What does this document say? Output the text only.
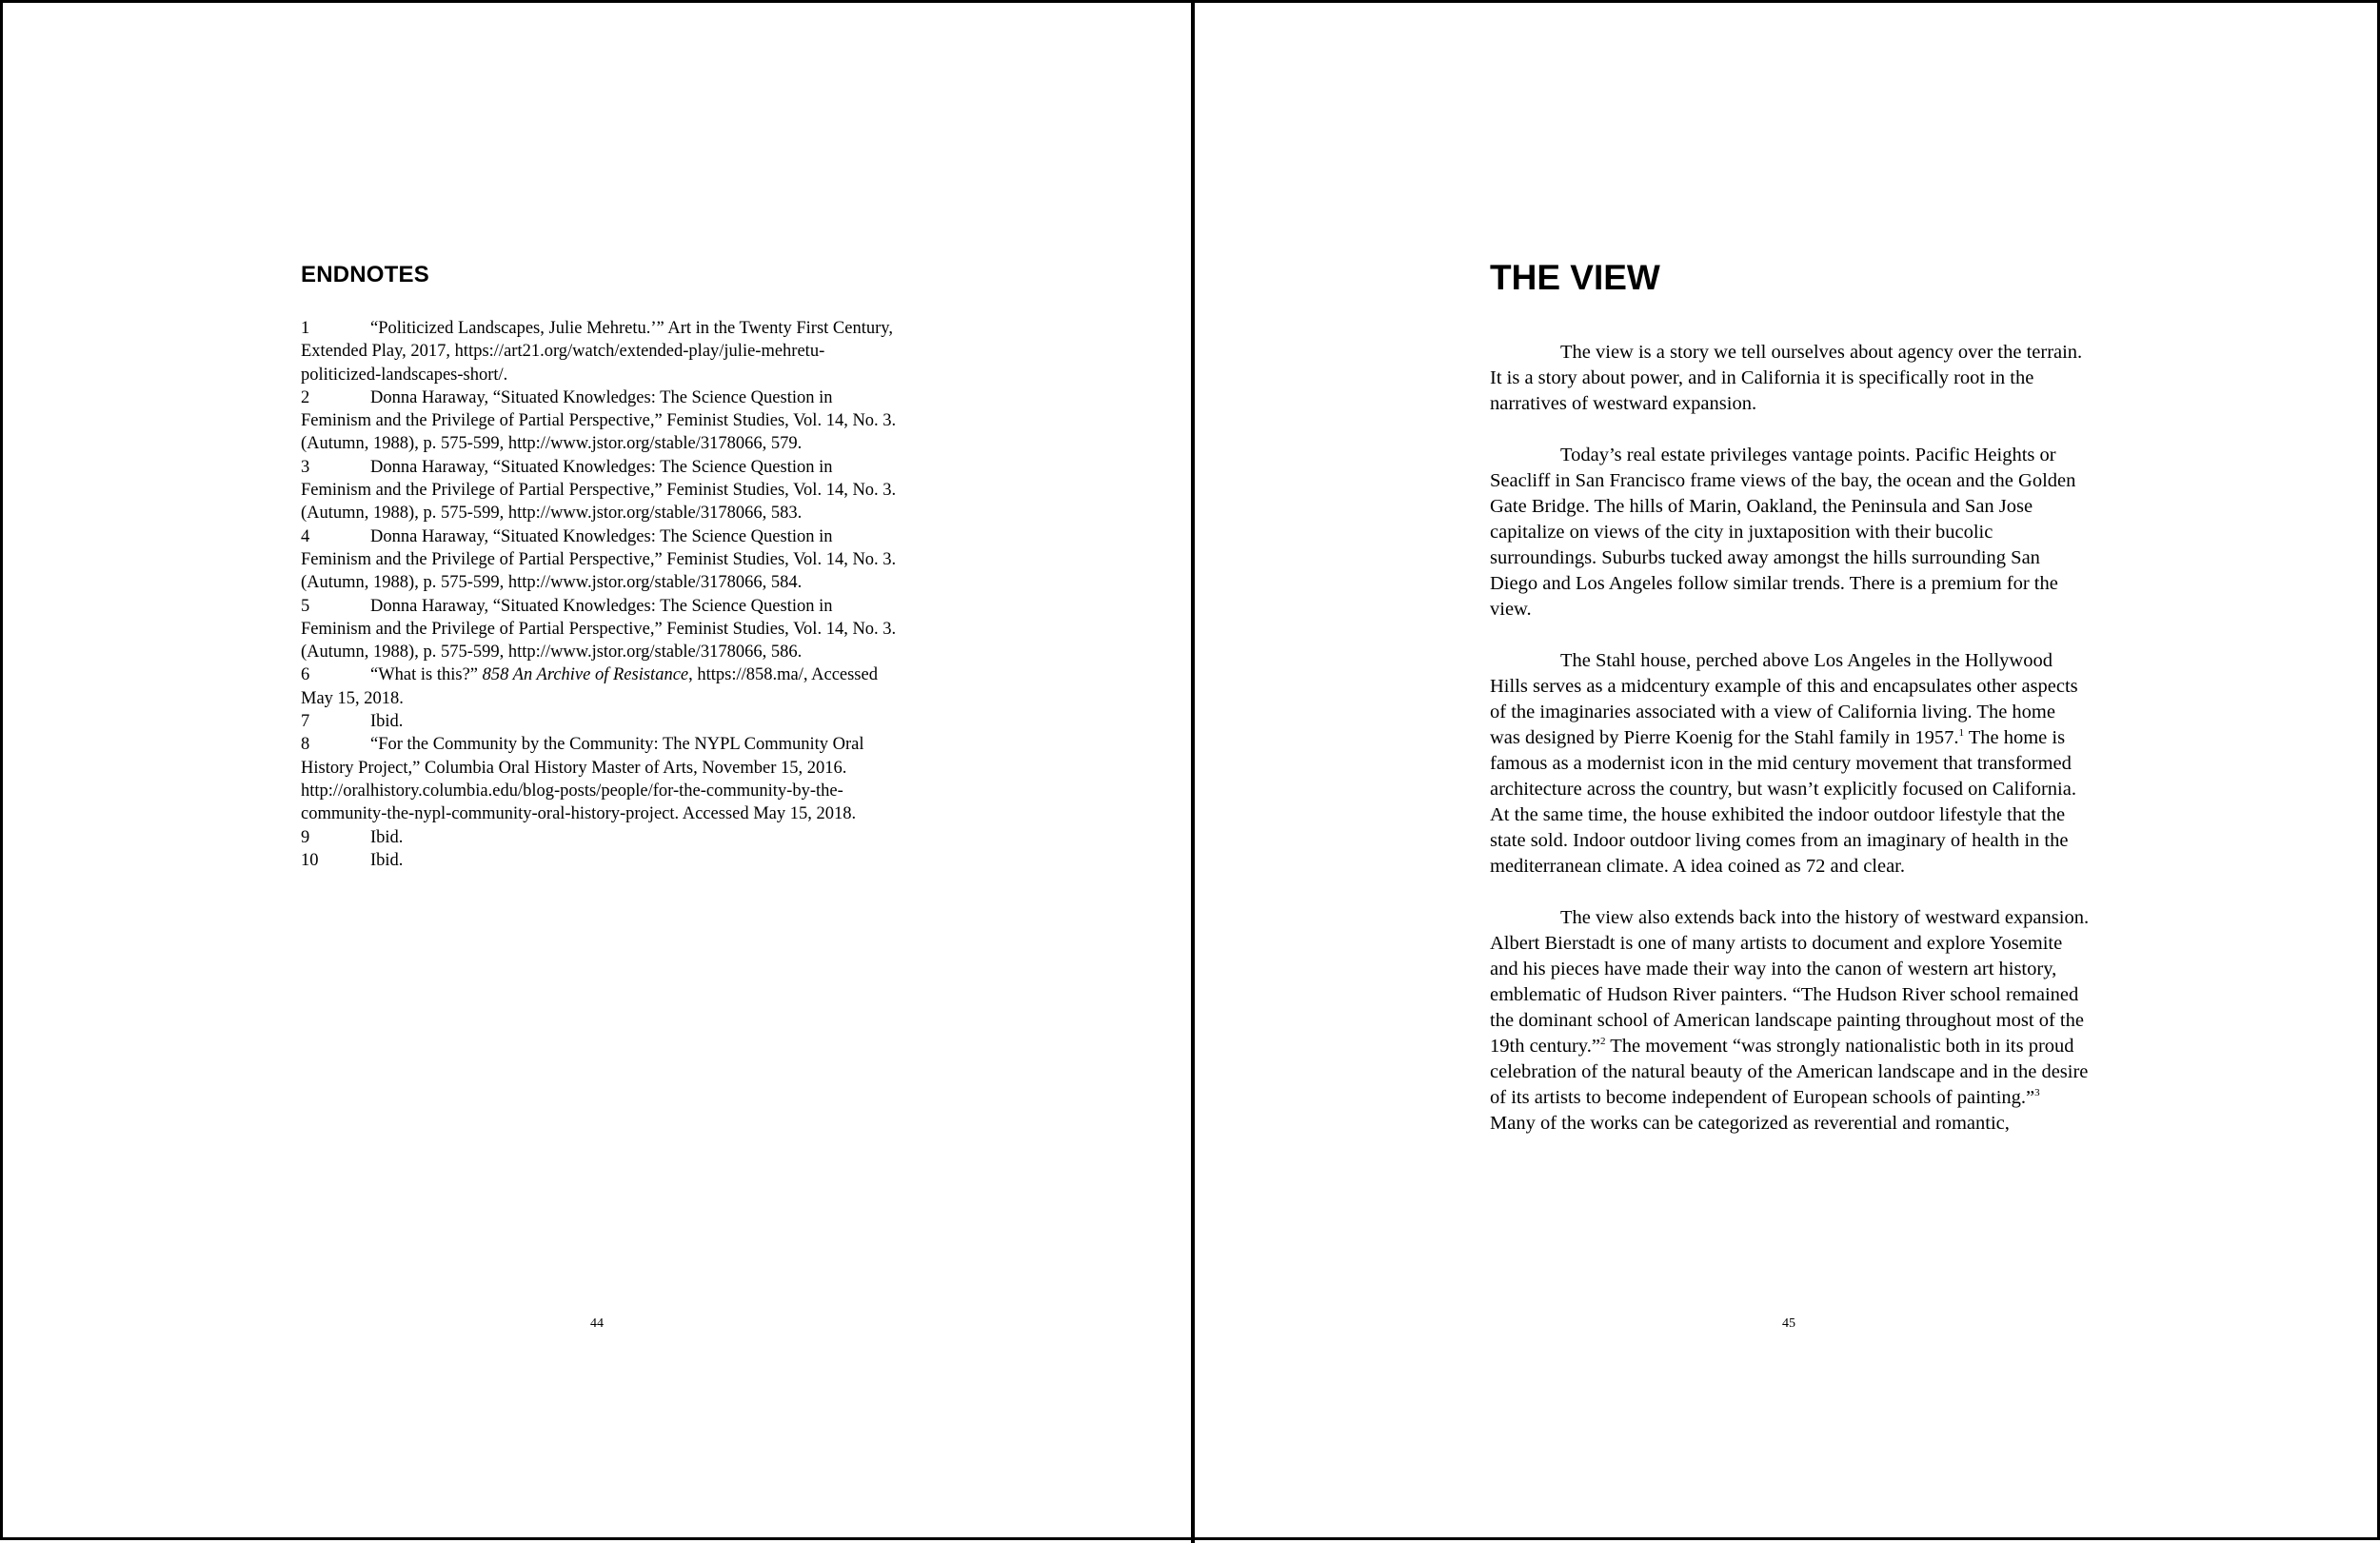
ENDNOTES
1	“Politicized Landscapes, Julie Mehretu.’” Art in the Twenty First Century, Extended Play, 2017, https://art21.org/watch/extended-play/julie-mehretu-politicized-landscapes-short/.
2	Donna Haraway, “Situated Knowledges: The Science Question in Feminism and the Privilege of Partial Perspective,” Feminist Studies, Vol. 14, No. 3. (Autumn, 1988), p. 575-599, http://www.jstor.org/stable/3178066, 579.
3	Donna Haraway, “Situated Knowledges: The Science Question in Feminism and the Privilege of Partial Perspective,” Feminist Studies, Vol. 14, No. 3. (Autumn, 1988), p. 575-599, http://www.jstor.org/stable/3178066, 583.
4	Donna Haraway, “Situated Knowledges: The Science Question in Feminism and the Privilege of Partial Perspective,” Feminist Studies, Vol. 14, No. 3. (Autumn, 1988), p. 575-599, http://www.jstor.org/stable/3178066, 584.
5	Donna Haraway, “Situated Knowledges: The Science Question in Feminism and the Privilege of Partial Perspective,” Feminist Studies, Vol. 14, No. 3. (Autumn, 1988), p. 575-599, http://www.jstor.org/stable/3178066, 586.
6	“What is this?” 858 An Archive of Resistance, https://858.ma/, Accessed May 15, 2018.
7	Ibid.
8	“For the Community by the Community: The NYPL Community Oral History Project,” Columbia Oral History Master of Arts, November 15, 2016. http://oralhistory.columbia.edu/blog-posts/people/for-the-community-by-the-community-the-nypl-community-oral-history-project. Accessed May 15, 2018.
9	Ibid.
10	Ibid.
44
THE VIEW

The view is a story we tell ourselves about agency over the terrain. It is a story about power, and in California it is specifically root in the narratives of westward expansion.

Today’s real estate privileges vantage points. Pacific Heights or Seacliff in San Francisco frame views of the bay, the ocean and the Golden Gate Bridge. The hills of Marin, Oakland, the Peninsula and San Jose capitalize on views of the city in juxtaposition with their bucolic surroundings. Suburbs tucked away amongst the hills surrounding San Diego and Los Angeles follow similar trends. There is a premium for the view.

The Stahl house, perched above Los Angeles in the Hollywood Hills serves as a midcentury example of this and encapsulates other aspects of the imaginaries associated with a view of California living. The home was designed by Pierre Koenig for the Stahl family in 1957.$^1$ The home is famous as a modernist icon in the mid century movement that transformed architecture across the country, but wasn’t explicitly focused on California. At the same time, the house exhibited the indoor outdoor lifestyle that the state sold. Indoor outdoor living comes from an imaginary of health in the mediterranean climate. A idea coined as 72 and clear.

The view also extends back into the history of westward expansion. Albert Bierstadt is one of many artists to document and explore Yosemite and his pieces have made their way into the canon of western art history, emblematic of Hudson River painters. “The Hudson River school remained the dominant school of American landscape painting throughout most of the 19th century.”$^2$ The movement “was strongly nationalistic both in its proud celebration of the natural beauty of the American landscape and in the desire of its artists to become independent of European schools of painting.”$^3$ Many of the works can be categorized as reverential and romantic,

45
